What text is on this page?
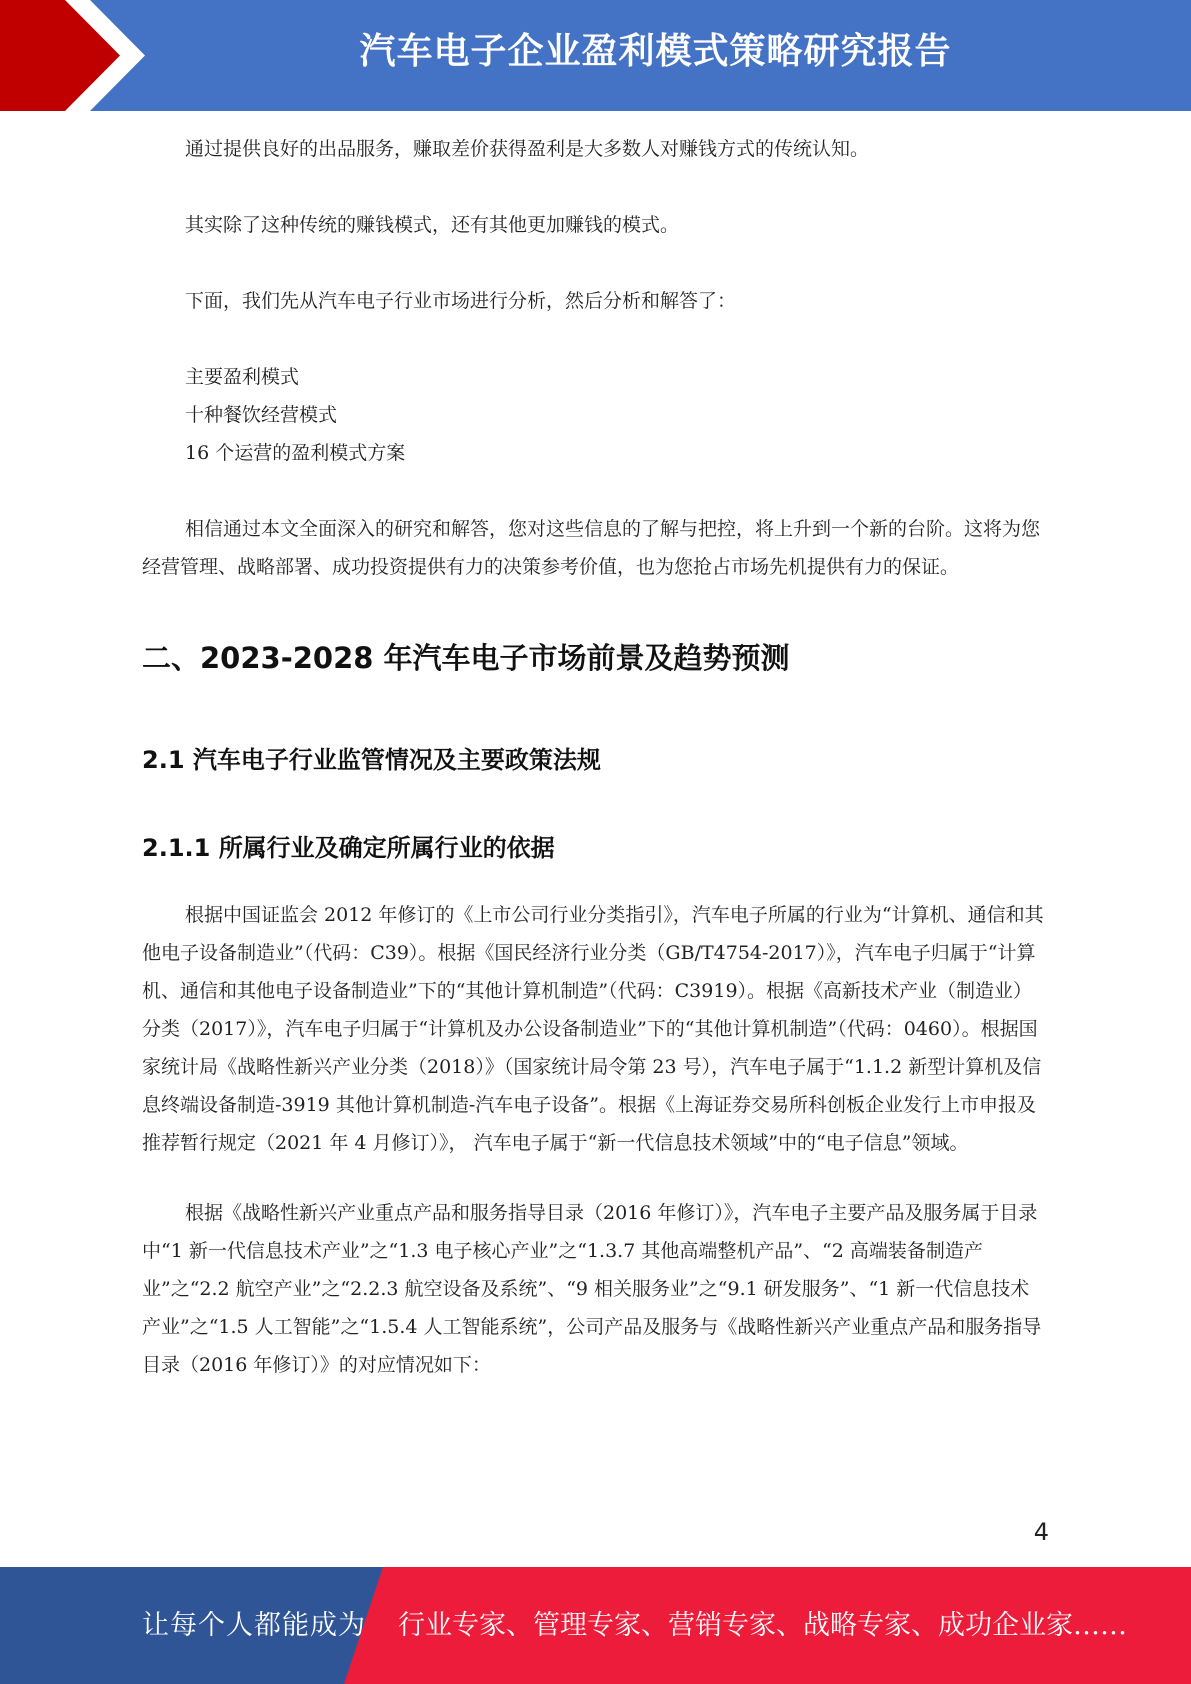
汽车电子企业盈利模式策略研究报告

通过提供良好的出品服务，赚取差价获得盈利是大多数人对赚钱方式的传统认知。

其实除了这种传统的赚钱模式，还有其他更加赚钱的模式。

下面，我们先从汽车电子行业市场进行分析，然后分析和解答了：

主要盈利模式

十种餐饮经营模式

16 个运营的盈利模式方案

相信通过本文全面深入的研究和解答，您对这些信息的了解与把控，将上升到一个新的台阶。这将为您经营管理、战略部署、成功投资提供有力的决策参考价值，也为您抢占市场先机提供有力的保证。

二、2023-2028 年汽车电子市场前景及趋势预测
2.1 汽车电子行业监管情况及主要政策法规
2.1.1 所属行业及确定所属行业的依据

根据中国证监会 2012 年修订的《上市公司行业分类指引》，汽车电子所属的行业为“计算机、通信和其他电子设备制造业”（代码：C39）。根据《国民经济行业分类（GB/T4754-2017）》，汽车电子归属于“计算机、通信和其他电子设备制造业”下的“其他计算机制造”（代码：C3919）。根据《高新技术产业（制造业）分类（2017）》，汽车电子归属于“计算机及办公设备制造业”下的“其他计算机制造”（代码：0460）。根据国家统计局《战略性新兴产业分类（2018）》（国家统计局令第 23 号），汽车电子属于“1.1.2 新型计算机及信息终端设备制造-3919 其他计算机制造-汽车电子设备”。根据《上海证券交易所科创板企业发行上市申报及推荐暂行规定（2021 年 4 月修订）》， 汽车电子属于“新一代信息技术领域”中的“电子信息”领域。

根据《战略性新兴产业重点产品和服务指导目录（2016 年修订）》，汽车电子主要产品及服务属于目录中“1 新一代信息技术产业”之“1.3 电子核心产业”之“1.3.7 其他高端整机产品”、“2 高端装备制造产业”之“2.2 航空产业”之“2.2.3 航空设备及系统”、“9 相关服务业”之“9.1 研发服务”、“1 新一代信息技术产业”之“1.5 人工智能”之“1.5.4 人工智能系统”，公司产品及服务与《战略性新兴产业重点产品和服务指导目录（2016 年修订）》的对应情况如下：

4
让每个人都能成为 行业专家、管理专家、营销专家、战略专家、成功企业家……
